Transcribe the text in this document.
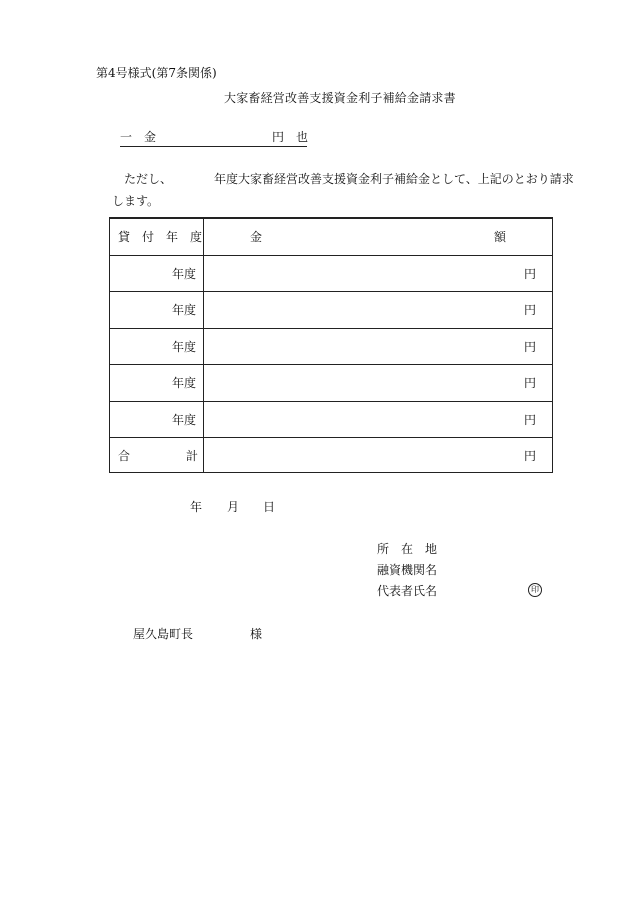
第4号様式(第7条関係)
大家畜経営改善支援資金利子補給金請求書
一　金	円　也
ただし、	年度大家畜経営改善支援資金利子補給金として、上記のとおり請求
します。
貸　付　年　度	金	額
年度	円
年度	円
年度	円
年度	円
年度	円
合	計	円
年 月 日
所　在　地
融資機関名
代表者氏名	印
屋久島町長	様
